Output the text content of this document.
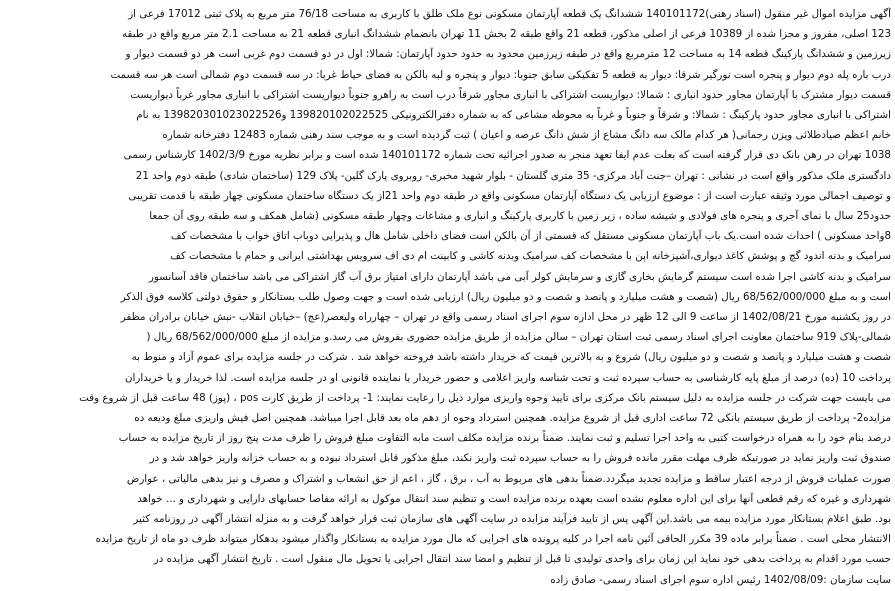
آگهی مزایده اموال غیر منقول (اسناد رهنی)140101172 ششدانگ یک قطعه آپارتمان مسکونی نوع ملک طلق با کاربری به مساحت 76/18 متر مربع به پلاک ثبتی 17012 فرعی از
123 اصلی، مفروز و مجزا شده از 10389 فرعی از اصلی مذکور، قطعه 21 واقع طبقه 2 بخش 11 تهران بانضمام ششدانگ انباری قطعه 21 به مساحت 2.1 متر مربع واقع در طبقه
زیرزمین و ششدانگ پارکینگ قطعه 14 به مساحت 12 مترمربع واقع در طبقه زیرزمین محدود به حدود حدود آپارتمان: شمالا: اول در دو قسمت دوم غربی است هر دو قسمت دیوار و
درب باره پله دوم دیوار و پنجره است نورگیر شرقا: دیوار به قطعه 5 تفکیکی سابق جنوبا: دیوار و پنجره و لبه بالکن به فضای حیاط غربا: در سه قسمت دوم شمالی است هر سه قسمت
قسمت دیوار مشترک با آپارتمان مجاور حدود انباری : شمالا: دیواریست اشتراکی با انباری مجاور شرقاً درب است به راهرو جنوباً دیواریست اشتراکی با انباری مجاور غرباً دیواریست
اشتراکی با انباری مجاور حدود پارکینگ : شمالا: و شرقاً و جنوباً و غرباً به محوطه مشاعی که به شماره دفترالکترونیکی 139820102022525 و139820301023022526 به نام
خانم اعظم صیادطلائی ویزن رحمانی( هر کدام مالک سه دانگ مشاع از شش دانگ عرصه و اعیان ) ثبت گردیده است و به موجب سند رهنی شماره 12483 دفترخانه شماره
1038 تهران در رهن بانک دی قرار گرفته است که بعلت عدم ایفا تعهد منجر به صدور اجرائیه تحت شماره 140101172 شده است و برابر نظریه مورخ 1402/3/9 کارشناس رسمی
دادگستری ملک مذکور واقع است در نشانی : تهران –جنت آباد مرکزی- 35 متری گلستان - بلوار شهید مخبری- روبروی پارک گلین- پلاک 129 (ساختمان شادی) طبقه دوم واحد 21
و توصیف اجمالی مورد وثیقه عبارت است از : موضوع ارزیابی یک دستگاه آپارتمان مسکونی واقع در طبقه دوم واحد 21از یک دستگاه ساختمان مسکونی چهار طبقه با قدمت تقریبی
حدود25 سال با نمای آجری و پنجره های فولادی و شیشه ساده ، زیر زمین با کاربری پارکینگ و انباری و مشاعات وچهار طبقه مسکونی (شامل همکف و سه طبقه روی آن جمعا
8واحد مسکونی ) احداث شده است.یک باب آپارتمان مسکونی مستقل که قسمتی از آن بالکن است فضای داخلی شامل هال و پذیرایی دوباب اتاق خواب با مشخصات کف
سرامیک و بدنه اندود گچ و پوشش کاغذ دیواری،آشپزخانه اپن با مشخصات کف سرامیک وبدنه کاشی و کابینت ام دی اف سرویس بهداشتی ایرانی و حمام با مشخصات کف
سرامیک و بدنه کاشی اجرا شده است سیستم گرمایش بخاری گازی و سرمایش کولر آبی می باشد آپارتمان دارای امتیاز برق آب گاز اشتراکی می باشد ساختمان فاقد آسانسور
است و به مبلغ 68/562/000/000 ریال (شصت و هشت میلیارد و پانصد و شصت و دو میلیون ریال) ارزیابی شده است و جهت وصول طلب بستانکار و حقوق دولتی کلاسه فوق الذکر
در روز یکشنبه مورخ 1402/08/21 از ساعت 9 الی 12 ظهر در محل اداره سوم اجرای اسناد رسمی واقع در تهران – چهارراه ولیعصر(عج) –خیابان انقلاب -نبش خیابان برادران مظفر
شمالی-پلاک 919 ساختمان معاونت اجرای اسناد رسمی ثبت استان تهران – سالن مزایده از طریق مزایده حضوری بفروش می رسد.و مزایده از مبلغ 68/562/000/000 ریال (
شصت و هشت میلیارد و پانصد و شصت و دو میلیون ریال) شروع و به بالاترین قیمت که خریدار داشته باشد فروخته خواهد شد . شرکت در جلسه مزایده برای عموم آزاد و منوط به
پرداخت 10 (ده) درصد از مبلغ پایه کارشناسی به حساب سپرده ثبت و تحت شناسه واریز اعلامی و حضور خریدار یا نماینده قانونی او در جلسه مزایده است. لذا خریدار و یا خریداران
می بایست جهت شرکت در جلسه مزایده به دلیل سیستم بانک مرکزی برای تایید وجوه واریزی موارد ذیل را رعایت نمایند: 1- پرداخت از طریق کارت pos ، (پوز) 48 ساعت قبل از شروع وقت
مزایده2- پرداخت از طریق سیستم بانکی 72 ساعت اداری قبل از شروع مزایده. همچنین استرداد وجوه از دهم ماه بعد قابل اجرا میباشد. همچنین اصل فیش واریزی مبلغ ودیعه ده
درصد بنام خود را به همراه درخواست کتبی به واحد اجرا تسلیم و ثبت نمایند. ضمناً برنده مزایده مکلف است مابه التفاوت مبلغ فروش را ظرف مدت پنج روز از تاریخ مزایده به حساب
صندوق ثبت واریز نماید در صورتیکه ظرف مهلت مقرر مانده فروش را به حساب سپرده ثبت واریز نکند، مبلغ مذکور قابل استرداد نبوده و به حساب خزانه واریز خواهد شد و در
صورت عملیات فروش از درجه اعتبار ساقط و مزایده تجدید میگردد.ضمناً بدهی های مربوط به آب ، برق ، گاز ، اعم از حق انشعاب و اشتراک و مصرف و نیز بدهی مالیاتی ، عوارض
شهرداری و غیره که رقم قطعی آنها برای این اداره معلوم نشده است بعهده برنده مزایده است و تنظیم سند انتقال موکول به ارائه مفاصا حسابهای دارایی و شهرداری و ... خواهد
بود. طبق اعلام بستانکار مورد مزایده بیمه می باشد.این آگهی پس از تایید فرآیند مزایده در سایت آگهی های سازمان ثبت قرار خواهد گرفت و به منزله انتشار آگهی در روزنامه کثیر
الانتشار محلی است . ضمناً برابر ماده 39 مکرر الحاقی آئین نامه اجرا در کلیه پرونده های اجرایی که مال مورد مزایده به بستانکار واگذار میشود بدهکار میتواند ظرف دو ماه از تاریخ مزایده
حسب مورد اقدام به پرداخت بدهی خود نماید این زمان برای واحدی تولیدی تا قبل از تنظیم و امضا سند انتقال اجرایی یا تحویل مال منقول است . تاریخ انتشار آگهی مزایده در
سایت سازمان :1402/08/09 رئیس اداره سوم اجرای اسناد رسمی- صادق زاده
